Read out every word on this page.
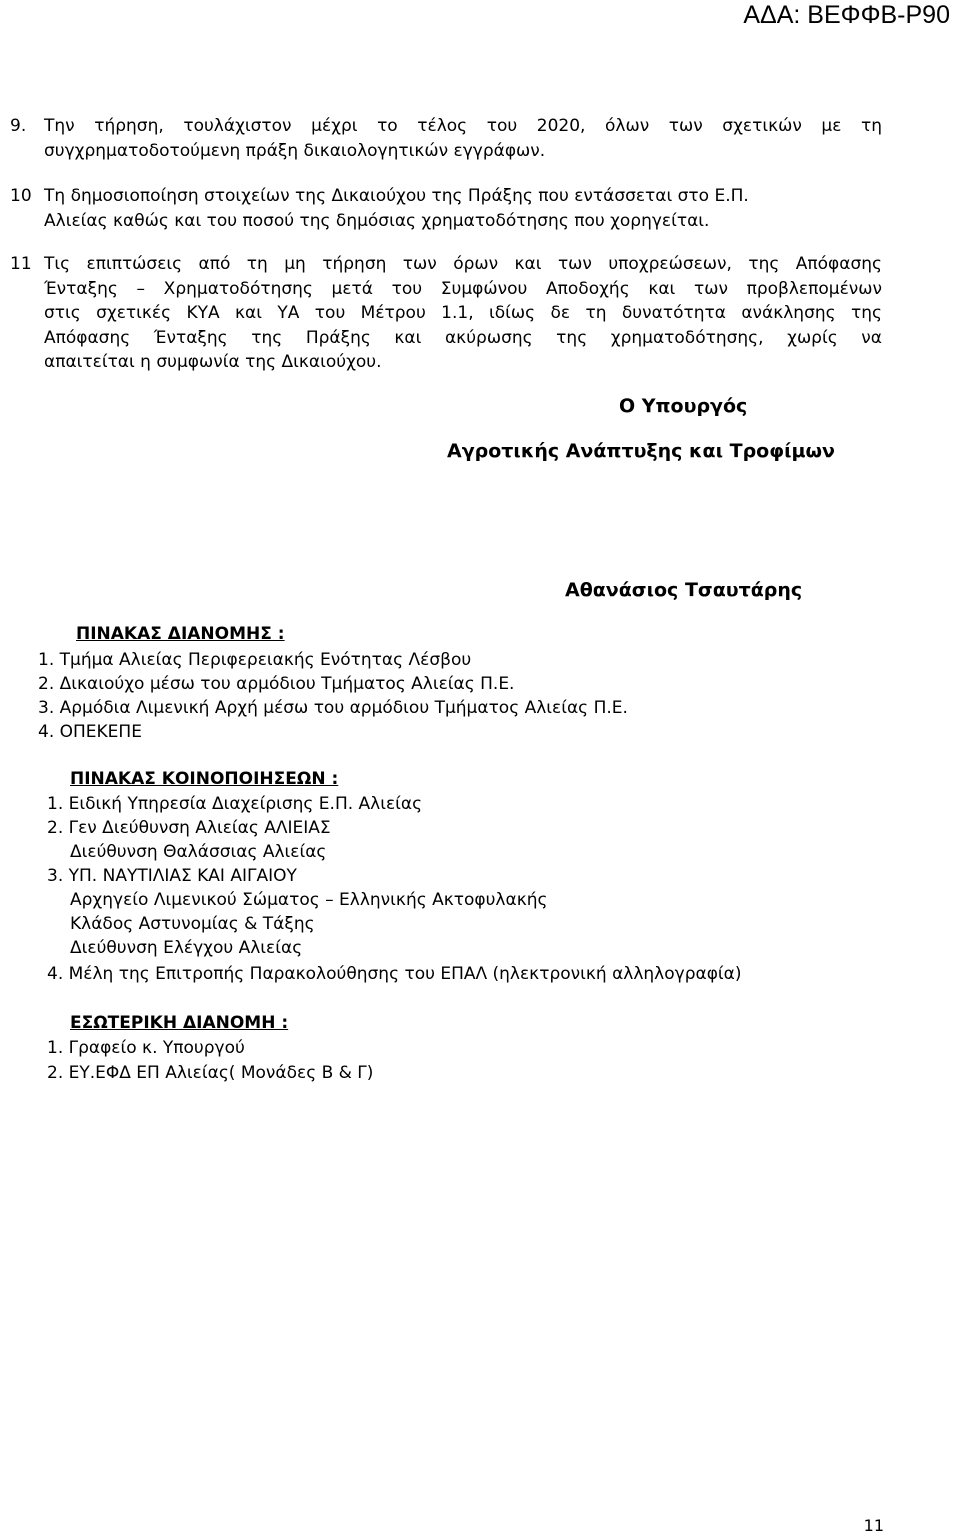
ΑΔΑ: ΒΕΦΦΒ-Ρ90
9. Την τήρηση, τουλάχιστον μέχρι το τέλος του 2020, όλων των σχετικών με τη
συγχρηματοδοτούμενη πράξη δικαιολογητικών εγγράφων.
10 Τη δημοσιοποίηση στοιχείων της Δικαιούχου της Πράξης που εντάσσεται στο Ε.Π.
Αλιείας καθώς και του ποσού της δημόσιας χρηματοδότησης που χορηγείται.
11 Τις επιπτώσεις από τη μη τήρηση των όρων και των υποχρεώσεων, της Απόφασης
Ένταξης – Χρηματοδότησης μετά του Συμφώνου Αποδοχής και των προβλεπομένων
στις σχετικές ΚΥΑ και ΥΑ του Μέτρου 1.1, ιδίως δε τη δυνατότητα ανάκλησης της
Απόφασης Ένταξης της Πράξης και ακύρωσης της χρηματοδότησης, χωρίς να
απαιτείται η συμφωνία της Δικαιούχου.
Ο Υπουργός
Αγροτικής Ανάπτυξης και Τροφίμων
Αθανάσιος Τσαυτάρης
ΠΙΝΑΚΑΣ ΔΙΑΝΟΜΗΣ :
1. Τμήμα Αλιείας Περιφερειακής Ενότητας Λέσβου
2. Δικαιούχο μέσω του αρμόδιου Τμήματος Αλιείας Π.Ε.
3. Αρμόδια Λιμενική Αρχή μέσω του αρμόδιου Τμήματος Αλιείας Π.Ε.
4. ΟΠΕΚΕΠΕ
ΠΙΝΑΚΑΣ ΚΟΙΝΟΠΟΙΗΣΕΩΝ :
1. Ειδική Υπηρεσία Διαχείρισης Ε.Π. Αλιείας
2. Γεν Διεύθυνση Αλιείας ΑΛΙΕΙΑΣ
Διεύθυνση Θαλάσσιας Αλιείας
3. ΥΠ. ΝΑΥΤΙΛΙΑΣ ΚΑΙ ΑΙΓΑΙΟΥ
Αρχηγείο Λιμενικού Σώματος – Ελληνικής Ακτοφυλακής
Κλάδος Αστυνομίας & Τάξης
Διεύθυνση Ελέγχου Αλιείας
4. Μέλη της Επιτροπής Παρακολούθησης του ΕΠΑΛ (ηλεκτρονική αλληλογραφία)
ΕΣΩΤΕΡΙΚΗ ΔΙΑΝΟΜΗ :
1. Γραφείο κ. Υπουργού
2. ΕΥ.ΕΦΔ ΕΠ Αλιείας( Μονάδες Β & Γ)
11
